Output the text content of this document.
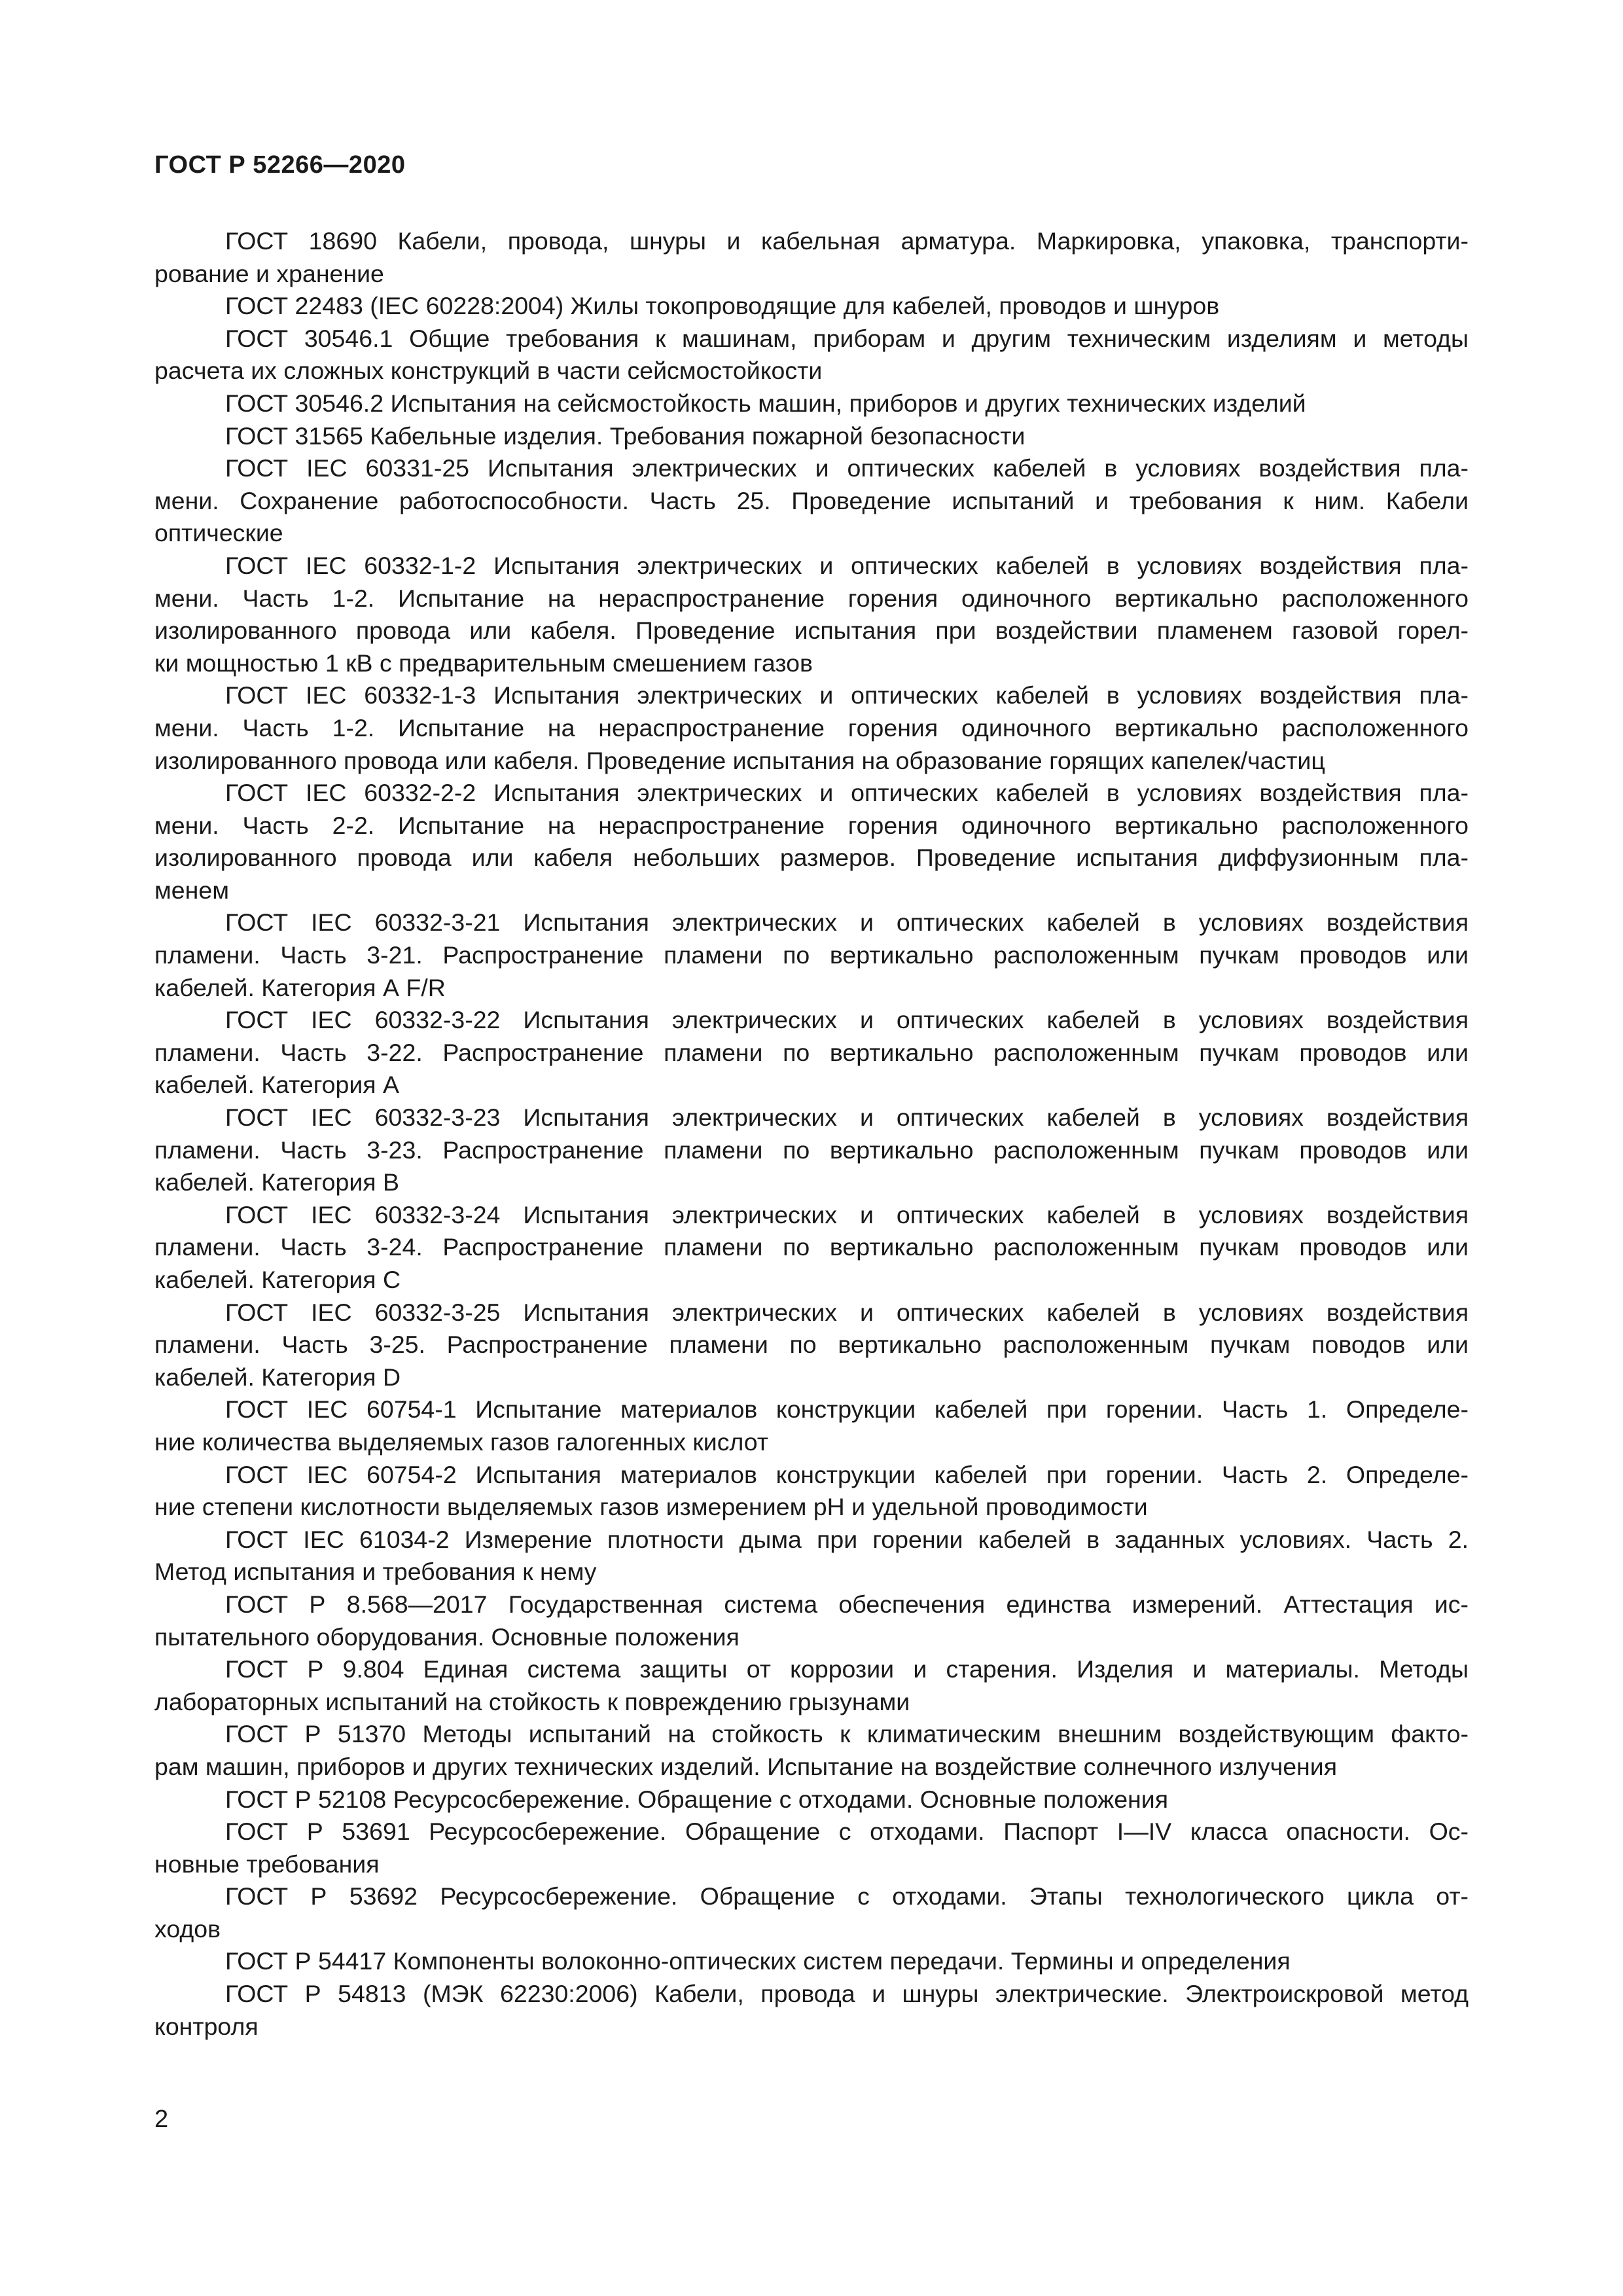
ГОСТ Р 52266—2020
ГОСТ 18690 Кабели, провода, шнуры и кабельная арматура. Маркировка, упаковка, транспорти-
рование и хранение
ГОСТ 22483 (IEC 60228:2004) Жилы токопроводящие для кабелей, проводов и шнуров
ГОСТ 30546.1 Общие требования к машинам, приборам и другим техническим изделиям и методы
расчета их сложных конструкций в части сейсмостойкости
ГОСТ 30546.2 Испытания на сейсмостойкость машин, приборов и других технических изделий
ГОСТ 31565 Кабельные изделия. Требования пожарной безопасности
ГОСТ IEC 60331-25 Испытания электрических и оптических кабелей в условиях воздействия пла-
мени. Сохранение работоспособности. Часть 25. Проведение испытаний и требования к ним. Кабели
оптические
ГОСТ IEC 60332-1-2 Испытания электрических и оптических кабелей в условиях воздействия пла-
мени. Часть 1-2. Испытание на нераспространение горения одиночного вертикально расположенного
изолированного провода или кабеля. Проведение испытания при воздействии пламенем газовой горел-
ки мощностью 1 кВ с предварительным смешением газов
ГОСТ IEC 60332-1-3 Испытания электрических и оптических кабелей в условиях воздействия пла-
мени. Часть 1-2. Испытание на нераспространение горения одиночного вертикально расположенного
изолированного провода или кабеля. Проведение испытания на образование горящих капелек/частиц
ГОСТ IEC 60332-2-2 Испытания электрических и оптических кабелей в условиях воздействия пла-
мени. Часть 2-2. Испытание на нераспространение горения одиночного вертикально расположенного
изолированного провода или кабеля небольших размеров. Проведение испытания диффузионным пла-
менем
ГОСТ IEC 60332-3-21 Испытания электрических и оптических кабелей в условиях воздействия
пламени. Часть 3-21. Распространение пламени по вертикально расположенным пучкам проводов или
кабелей. Категория А F/R
ГОСТ IEC 60332-3-22 Испытания электрических и оптических кабелей в условиях воздействия
пламени. Часть 3-22. Распространение пламени по вертикально расположенным пучкам проводов или
кабелей. Категория А
ГОСТ IEC 60332-3-23 Испытания электрических и оптических кабелей в условиях воздействия
пламени. Часть 3-23. Распространение пламени по вертикально расположенным пучкам проводов или
кабелей. Категория В
ГОСТ IEC 60332-3-24 Испытания электрических и оптических кабелей в условиях воздействия
пламени. Часть 3-24. Распространение пламени по вертикально расположенным пучкам проводов или
кабелей. Категория С
ГОСТ IEC 60332-3-25 Испытания электрических и оптических кабелей в условиях воздействия
пламени. Часть 3-25. Распространение пламени по вертикально расположенным пучкам поводов или
кабелей. Категория D
ГОСТ IEC 60754-1 Испытание материалов конструкции кабелей при горении. Часть 1. Определе-
ние количества выделяемых газов галогенных кислот
ГОСТ IEC 60754-2 Испытания материалов конструкции кабелей при горении. Часть 2. Определе-
ние степени кислотности выделяемых газов измерением pH и удельной проводимости
ГОСТ IEC 61034-2 Измерение плотности дыма при горении кабелей в заданных условиях. Часть 2.
Метод испытания и требования к нему
ГОСТ Р 8.568—2017 Государственная система обеспечения единства измерений. Аттестация ис-
пытательного оборудования. Основные положения
ГОСТ Р 9.804 Единая система защиты от коррозии и старения. Изделия и материалы. Методы
лабораторных испытаний на стойкость к повреждению грызунами
ГОСТ Р 51370 Методы испытаний на стойкость к климатическим внешним воздействующим факто-
рам машин, приборов и других технических изделий. Испытание на воздействие солнечного излучения
ГОСТ Р 52108 Ресурсосбережение. Обращение с отходами. Основные положения
ГОСТ Р 53691 Ресурсосбережение. Обращение с отходами. Паспорт I—IV класса опасности. Ос-
новные требования
ГОСТ Р 53692 Ресурсосбережение. Обращение с отходами. Этапы технологического цикла от-
ходов
ГОСТ Р 54417 Компоненты волоконно-оптических систем передачи. Термины и определения
ГОСТ Р 54813 (МЭК 62230:2006) Кабели, провода и шнуры электрические. Электроискровой метод
контроля
2
